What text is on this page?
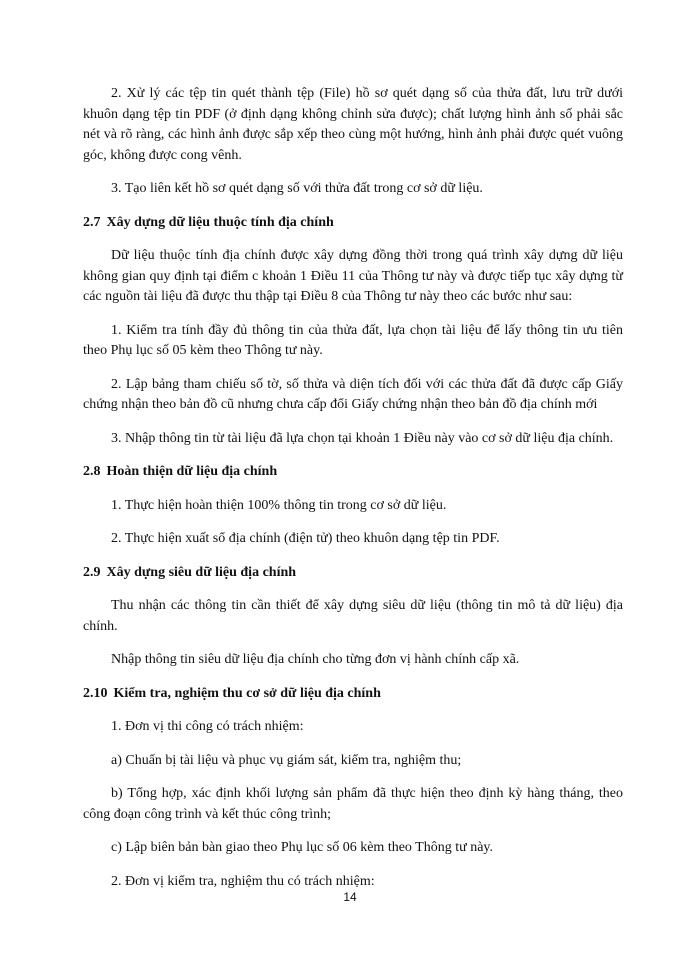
2. Xử lý các tệp tin quét thành tệp (File) hồ sơ quét dạng số của thửa đất, lưu trữ dưới khuôn dạng tệp tin PDF (ở định dạng không chỉnh sửa được); chất lượng hình ảnh số phải sắc nét và rõ ràng, các hình ảnh được sắp xếp theo cùng một hướng, hình ảnh phải được quét vuông góc, không được cong vênh.

3. Tạo liên kết hồ sơ quét dạng số với thửa đất trong cơ sở dữ liệu.

2.7 Xây dựng dữ liệu thuộc tính địa chính

Dữ liệu thuộc tính địa chính được xây dựng đồng thời trong quá trình xây dựng dữ liệu không gian quy định tại điểm c khoản 1 Điều 11 của Thông tư này và được tiếp tục xây dựng từ các nguồn tài liệu đã được thu thập tại Điều 8 của Thông tư này theo các bước như sau:

1. Kiểm tra tính đầy đủ thông tin của thửa đất, lựa chọn tài liệu để lấy thông tin ưu tiên theo Phụ lục số 05 kèm theo Thông tư này.

2. Lập bảng tham chiếu số tờ, số thửa và diện tích đối với các thửa đất đã được cấp Giấy chứng nhận theo bản đồ cũ nhưng chưa cấp đổi Giấy chứng nhận theo bản đồ địa chính mới

3. Nhập thông tin từ tài liệu đã lựa chọn tại khoản 1 Điều này vào cơ sở dữ liệu địa chính.

2.8 Hoàn thiện dữ liệu địa chính

1. Thực hiện hoàn thiện 100% thông tin trong cơ sở dữ liệu.

2. Thực hiện xuất sổ địa chính (điện tử) theo khuôn dạng tệp tin PDF.

2.9 Xây dựng siêu dữ liệu địa chính

Thu nhận các thông tin cần thiết để xây dựng siêu dữ liệu (thông tin mô tả dữ liệu) địa chính.

Nhập thông tin siêu dữ liệu địa chính cho từng đơn vị hành chính cấp xã.

2.10 Kiểm tra, nghiệm thu cơ sở dữ liệu địa chính

1. Đơn vị thi công có trách nhiệm:

a) Chuẩn bị tài liệu và phục vụ giám sát, kiểm tra, nghiệm thu;

b) Tổng hợp, xác định khối lượng sản phẩm đã thực hiện theo định kỳ hàng tháng, theo công đoạn công trình và kết thúc công trình;

c) Lập biên bản bàn giao theo Phụ lục số 06 kèm theo Thông tư này.

2. Đơn vị kiểm tra, nghiệm thu có trách nhiệm:

14
